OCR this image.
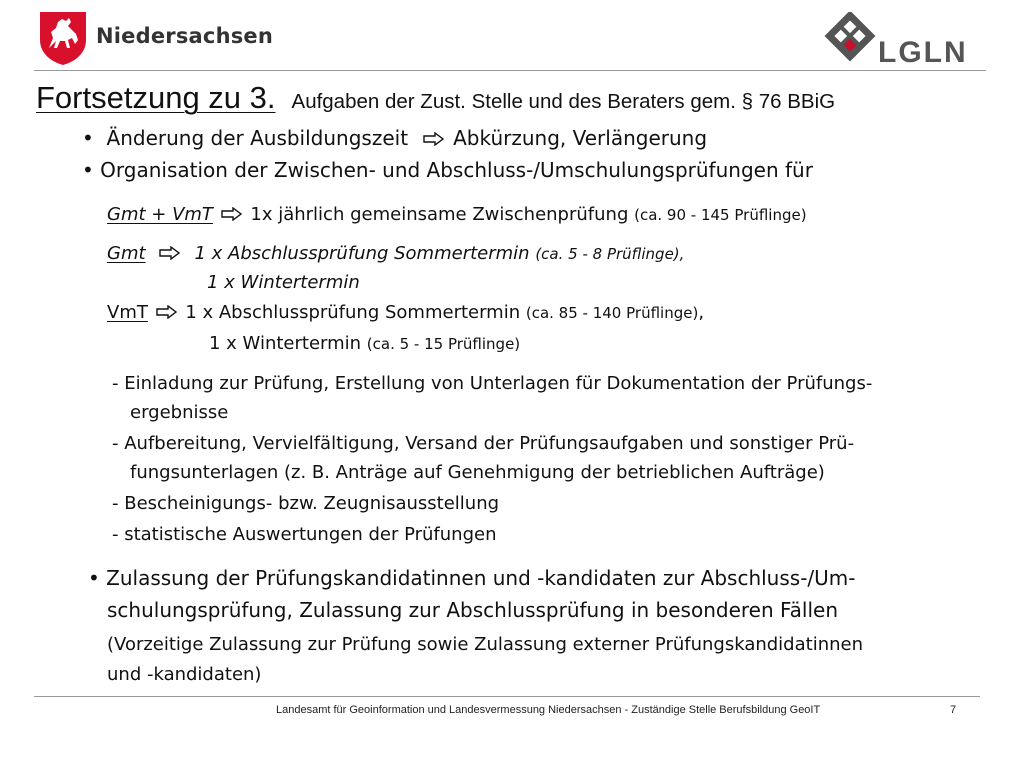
Niedersachsen	LGLN
Fortsetzung zu 3. Aufgaben der Zust. Stelle und des Beraters gem. § 76 BBiG
•  Änderung der Ausbildungszeit Abkürzung, Verlängerung
• Organisation der Zwischen- und Abschluss-/Umschulungsprüfungen für
Gmt + VmT 1x jährlich gemeinsame Zwischenprüfung (ca. 90 - 145 Prüflinge)
Gmt	1 x Abschlussprüfung Sommertermin (ca. 5 - 8 Prüflinge),
1 x Wintertermin
VmT 1 x Abschlussprüfung Sommertermin (ca. 85 - 140 Prüflinge),
1 x Wintertermin (ca. 5 - 15 Prüflinge)
- Einladung zur Prüfung, Erstellung von Unterlagen für Dokumentation der Prüfungs-
ergebnisse
- Aufbereitung, Vervielfältigung, Versand der Prüfungsaufgaben und sonstiger Prü-
fungsunterlagen (z. B. Anträge auf Genehmigung der betrieblichen Aufträge)
- Bescheinigungs- bzw. Zeugnisausstellung
- statistische Auswertungen der Prüfungen
• Zulassung der Prüfungskandidatinnen und -kandidaten zur Abschluss-/Um-
schulungsprüfung, Zulassung zur Abschlussprüfung in besonderen Fällen
(Vorzeitige Zulassung zur Prüfung sowie Zulassung externer Prüfungskandidatinnen
und -kandidaten)
Landesamt für Geoinformation und Landesvermessung Niedersachsen - Zuständige Stelle Berufsbildung GeoIT	7
